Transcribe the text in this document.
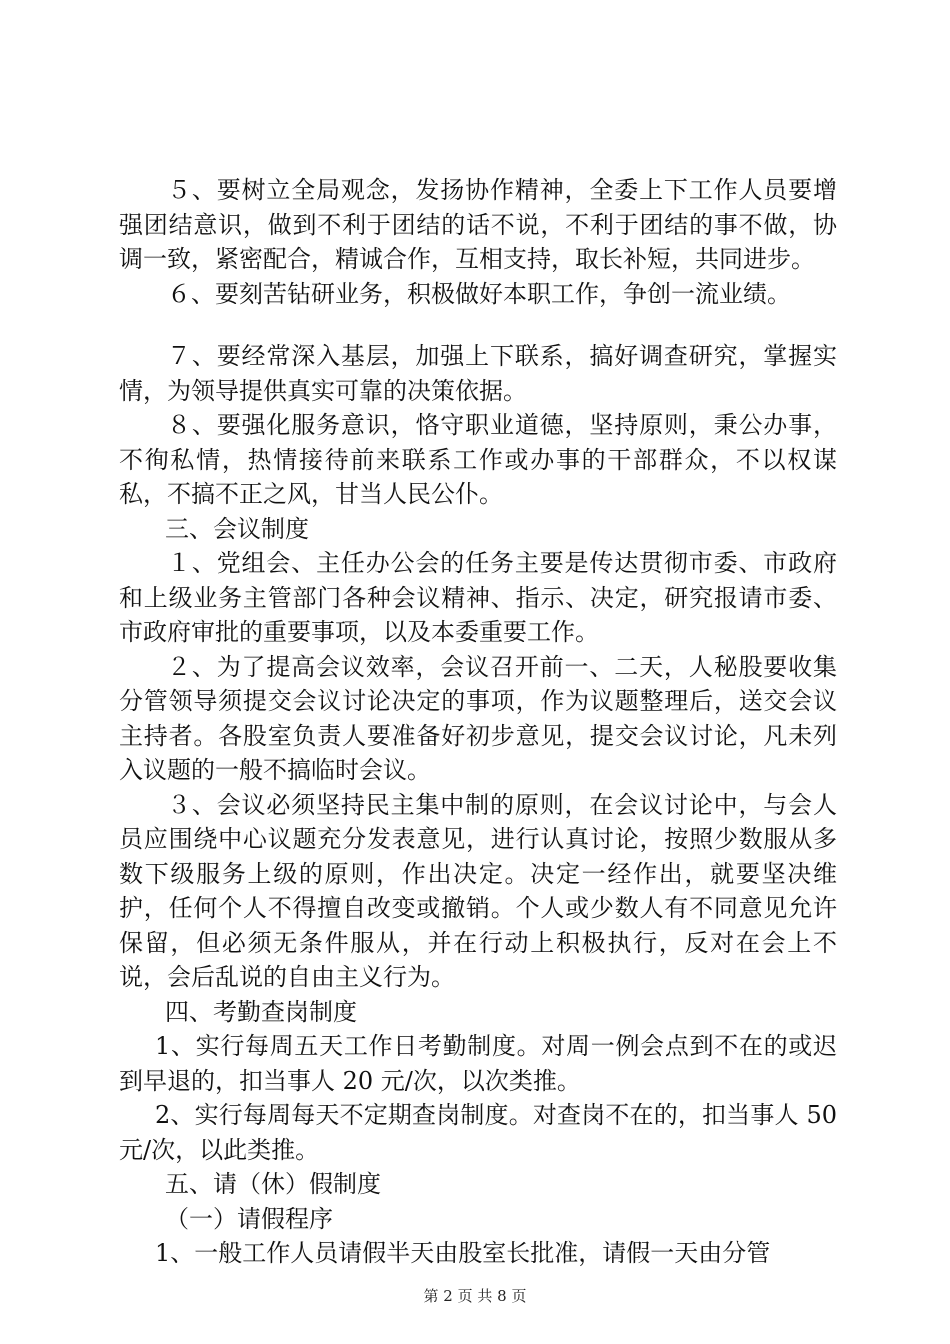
５、要树立全局观念，发扬协作精神，全委上下工作人员要增强团结意识，做到不利于团结的话不说，不利于团结的事不做，协调一致，紧密配合，精诚合作，互相支持，取长补短，共同进步。

６、要刻苦钻研业务，积极做好本职工作，争创一流业绩。

７、要经常深入基层，加强上下联系，搞好调查研究，掌握实情，为领导提供真实可靠的决策依据。

８、要强化服务意识，恪守职业道德，坚持原则，秉公办事，不徇私情，热情接待前来联系工作或办事的干部群众，不以权谋私，不搞不正之风，甘当人民公仆。

三、会议制度

１、党组会、主任办公会的任务主要是传达贯彻市委、市政府和上级业务主管部门各种会议精神、指示、决定，研究报请市委、市政府审批的重要事项，以及本委重要工作。

２、为了提高会议效率，会议召开前一、二天，人秘股要收集分管领导须提交会议讨论决定的事项，作为议题整理后，送交会议主持者。各股室负责人要准备好初步意见，提交会议讨论，凡未列入议题的一般不搞临时会议。

３、会议必须坚持民主集中制的原则，在会议讨论中，与会人员应围绕中心议题充分发表意见，进行认真讨论，按照少数服从多数下级服务上级的原则，作出决定。决定一经作出，就要坚决维护，任何个人不得擅自改变或撤销。个人或少数人有不同意见允许保留，但必须无条件服从，并在行动上积极执行，反对在会上不说，会后乱说的自由主义行为。

四、考勤查岗制度

1、实行每周五天工作日考勤制度。对周一例会点到不在的或迟到早退的，扣当事人 20 元/次，以次类推。

2、实行每周每天不定期查岗制度。对查岗不在的，扣当事人 50 元/次，以此类推。

五、请（休）假制度

（一）请假程序

1、一般工作人员请假半天由股室长批准，请假一天由分管

第 2 页 共 8 页
